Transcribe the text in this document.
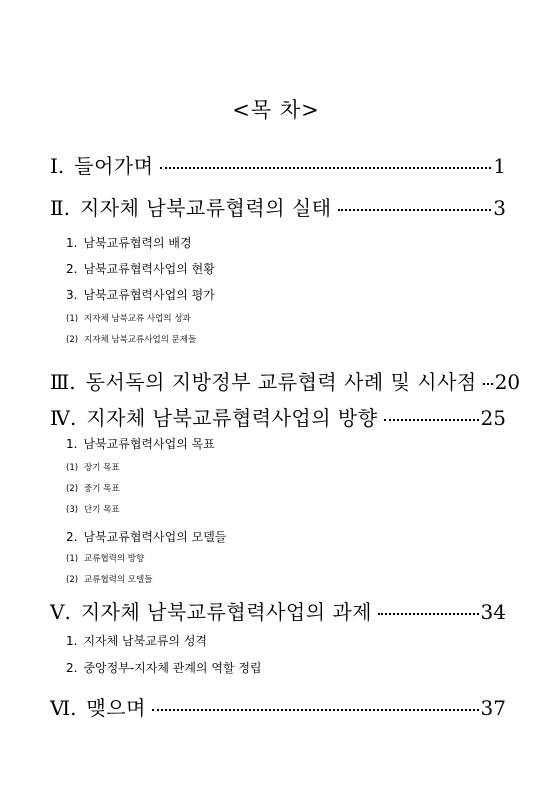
<목 차>
Ⅰ. 들어가며	1
Ⅱ. 지자체 남북교류협력의 실태	3
1. 남북교류협력의 배경
2. 남북교류협력사업의 현황
3. 남북교류협력사업의 평가
(1) 지자체 남북교류 사업의 성과
(2) 지자체 남북교류사업의 문제들
Ⅲ. 동서독의 지방정부 교류협력 사례 및 시사점 20
Ⅳ. 지자체 남북교류협력사업의 방향	25
1. 남북교류협력사업의 목표
(1) 장기 목표
(2) 중기 목표
(3) 단기 목표
2. 남북교류협력사업의 모델들
(1) 교류협력의 방향
(2) 교류협력의 모델들
Ⅴ. 지자체 남북교류협력사업의 과제	34
1. 지자체 남북교류의 성격
2. 중앙정부-지자체 관계의 역할 정립
Ⅵ. 맺으며	37
